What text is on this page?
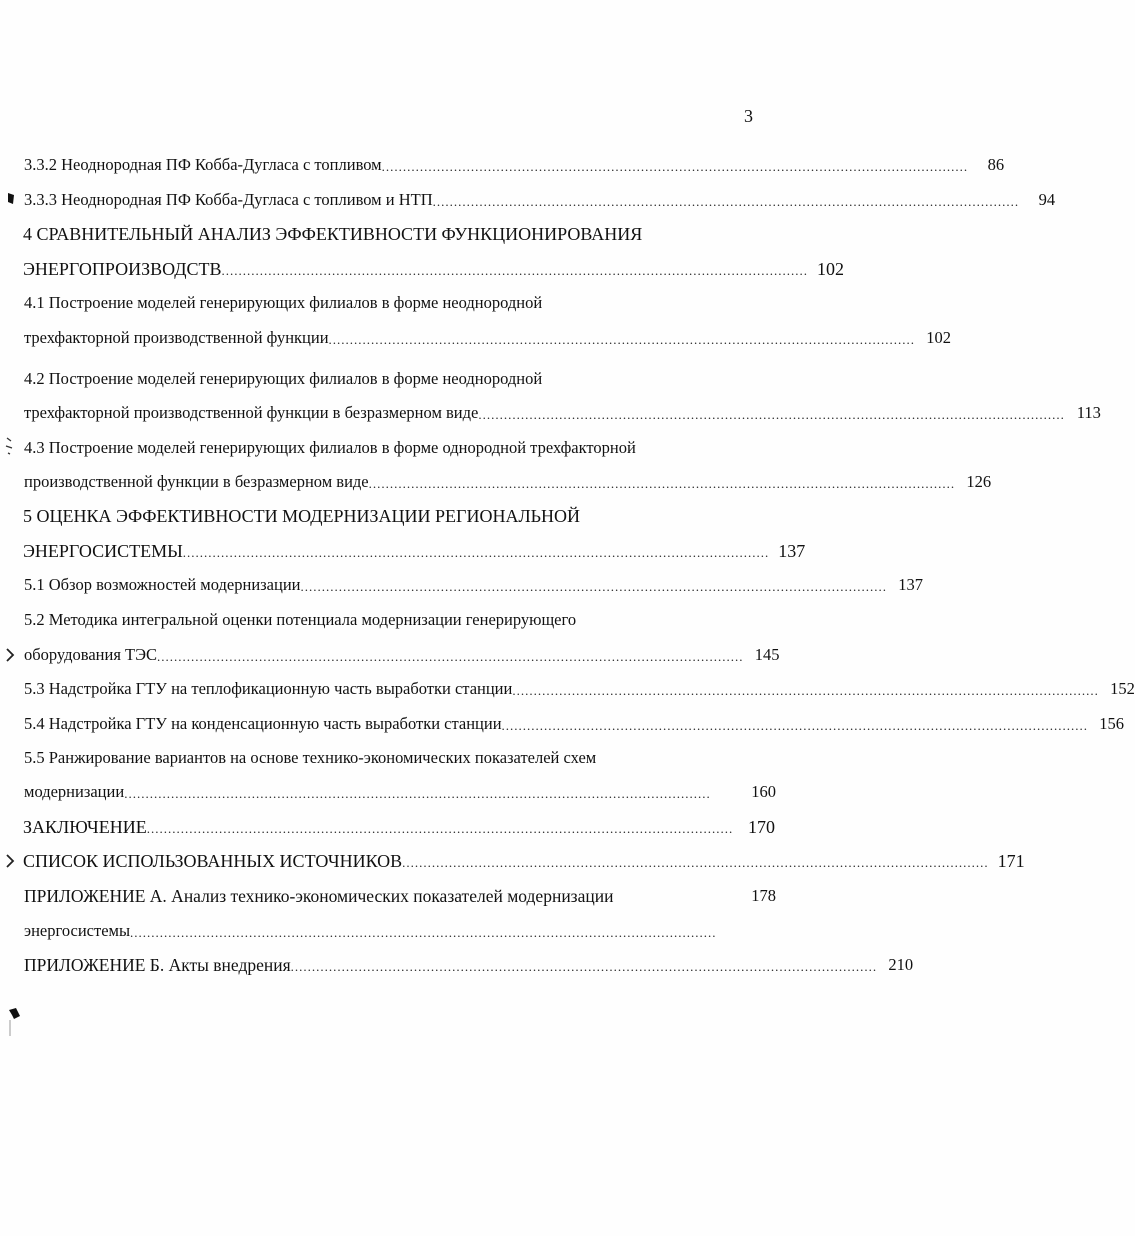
3
3.3.2 Неоднородная ПФ Кобба-Дугласа с топливом ..........................................................................................................................................	86
3.3.3 Неоднородная ПФ Кобба-Дугласа с топливом и НТП ..........................................................................................................................................	94
4 СРАВНИТЕЛЬНЫЙ АНАЛИЗ ЭФФЕКТИВНОСТИ ФУНКЦИОНИРОВАНИЯ
ЭНЕРГОПРОИЗВОДСТВ .......................................................................................................................................... 102
4.1 Построение моделей генерирующих филиалов в форме неоднородной
трехфакторной производственной функции .......................................................................................................................................... 102
4.2 Построение моделей генерирующих филиалов в форме неоднородной
трехфакторной производственной функции в безразмерном виде .......................................................................................................................................... 113
4.3 Построение моделей генерирующих филиалов в форме однородной трехфакторной
производственной функции в безразмерном виде .......................................................................................................................................... 126
5 ОЦЕНКА ЭФФЕКТИВНОСТИ МОДЕРНИЗАЦИИ РЕГИОНАЛЬНОЙ
ЭНЕРГОСИСТЕМЫ .......................................................................................................................................... 137
5.1 Обзор возможностей модернизации .......................................................................................................................................... 137
5.2 Методика интегральной оценки потенциала модернизации генерирующего
оборудования ТЭС .......................................................................................................................................... 145
5.3 Надстройка ГТУ на теплофикационную часть выработки станции .......................................................................................................................................... 152
5.4 Надстройка ГТУ на конденсационную часть выработки станции .......................................................................................................................................... 156
5.5 Ранжирование вариантов на основе технико-экономических показателей схем
модернизации ..........................................................................................................................................	160
ЗАКЛЮЧЕНИЕ .......................................................................................................................................... 170
СПИСОК ИСПОЛЬЗОВАННЫХ ИСТОЧНИКОВ .......................................................................................................................................... 171
ПРИЛОЖЕНИЕ А. Анализ технико-экономических показателей модернизации	178
энергосистемы ..........................................................................................................................................
ПРИЛОЖЕНИЕ Б. Акты внедрения .......................................................................................................................................... 210
